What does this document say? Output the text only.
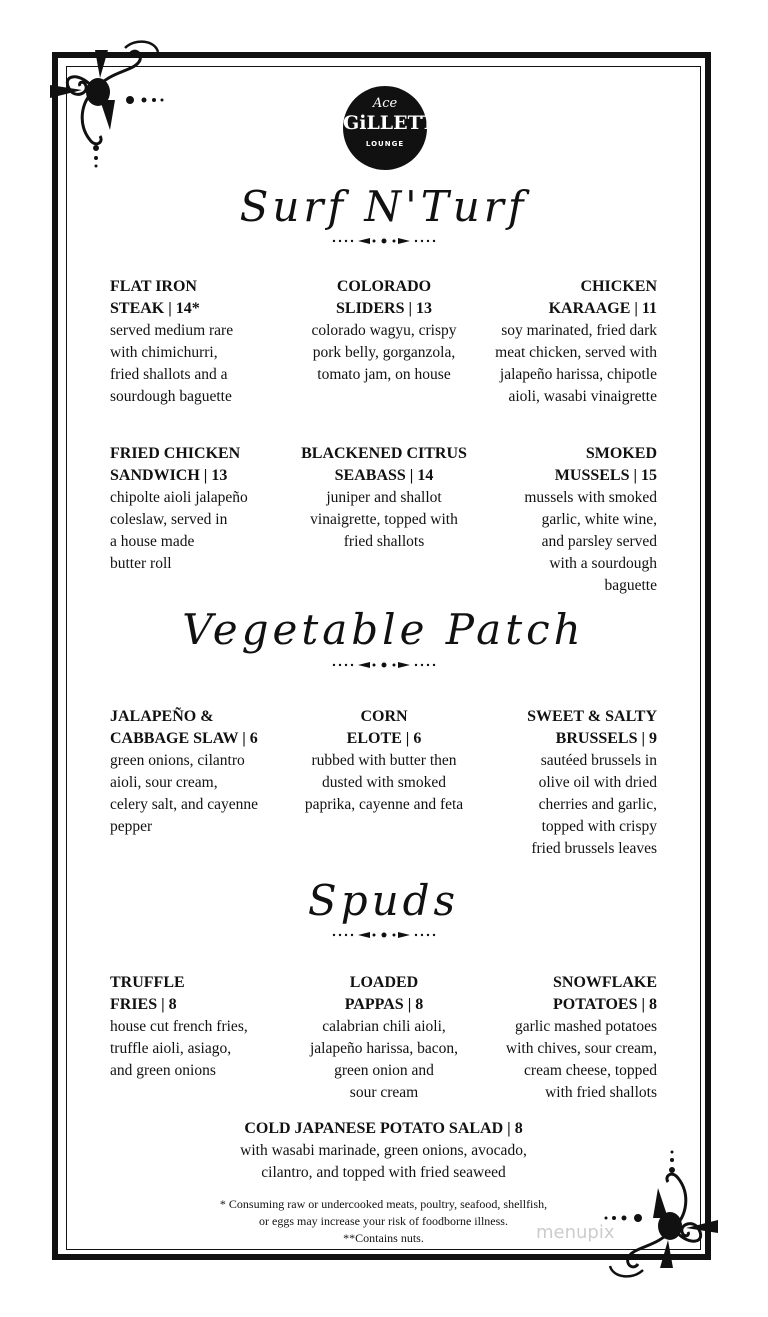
Ace
GiLLETT's
LOUNGE
Surf N'Turf
FLAT IRON
STEAK | 14*
served medium rare
with chimichurri,
fried shallots and a
sourdough baguette
COLORADO
SLIDERS | 13
colorado wagyu, crispy
pork belly, gorganzola,
tomato jam, on house
CHICKEN
KARAAGE | 11
soy marinated, fried dark
meat chicken, served with
jalapeño harissa, chipotle
aioli, wasabi vinaigrette
FRIED CHICKEN
SANDWICH | 13
chipolte aioli jalapeño
coleslaw, served in
a house made
butter roll
BLACKENED CITRUS
SEABASS | 14
juniper and shallot
vinaigrette, topped with
fried shallots
SMOKED
MUSSELS | 15
mussels with smoked
garlic, white wine,
and parsley served
with a sourdough
baguette
Vegetable Patch
JALAPEÑO &
CABBAGE SLAW | 6
green onions, cilantro
aioli, sour cream,
celery salt, and cayenne
pepper
CORN
ELOTE | 6
rubbed with butter then
dusted with smoked
paprika, cayenne and feta
SWEET & SALTY
BRUSSELS | 9
sautéed brussels in
olive oil with dried
cherries and garlic,
topped with crispy
fried brussels leaves
Spuds
TRUFFLE
FRIES | 8
house cut french fries,
truffle aioli, asiago,
and green onions
LOADED
PAPPAS | 8
calabrian chili aioli,
jalapeño harissa, bacon,
green onion and
sour cream
SNOWFLAKE
POTATOES | 8
garlic mashed potatoes
with chives, sour cream,
cream cheese, topped
with fried shallots
COLD JAPANESE POTATO SALAD | 8
with wasabi marinade, green onions, avocado,
cilantro, and topped with fried seaweed
* Consuming raw or undercooked meats, poultry, seafood, shellfish,
or eggs may increase your risk of foodborne illness.
**Contains nuts.	menupix
